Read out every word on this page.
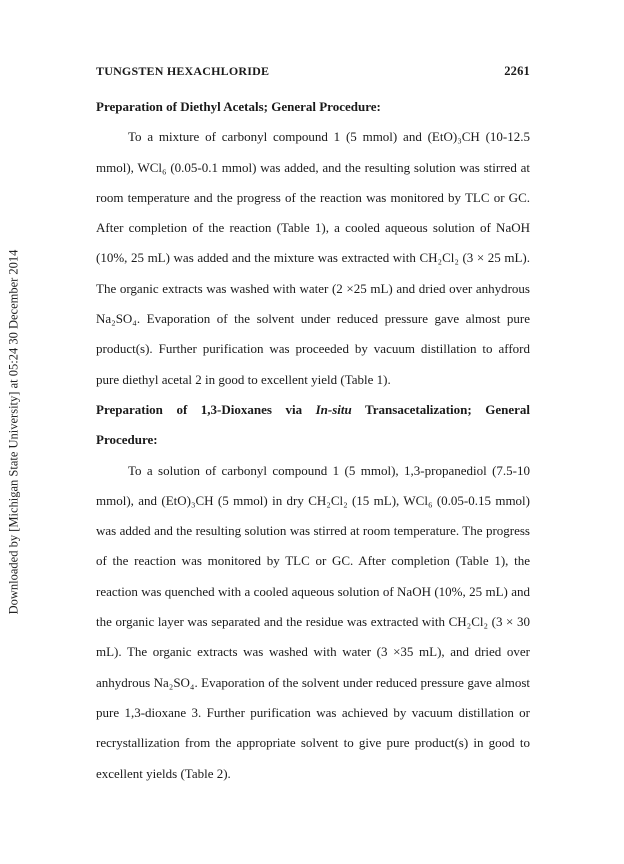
Downloaded by [Michigan State University] at 05:24 30 December 2014
TUNGSTEN HEXACHLORIDE	2261

Preparation of Diethyl Acetals; General Procedure:

To a mixture of carbonyl compound 1 (5 mmol) and (EtO)₃CH (10-12.5 mmol), WCl₆ (0.05-0.1 mmol) was added, and the resulting solution was stirred at room temperature and the progress of the reaction was monitored by TLC or GC. After completion of the reaction (Table 1), a cooled aqueous solution of NaOH (10%, 25 mL) was added and the mixture was extracted with CH₂Cl₂ (3 × 25 mL). The organic extracts was washed with water (2 ×25 mL) and dried over anhydrous Na₂SO₄. Evaporation of the solvent under reduced pressure gave almost pure product(s). Further purification was proceeded by vacuum distillation to afford pure diethyl acetal 2 in good to excellent yield (Table 1).

Preparation of 1,3-Dioxanes via In-situ Transacetalization; General Procedure:

To a solution of carbonyl compound 1 (5 mmol), 1,3-propanediol (7.5-10 mmol), and (EtO)₃CH (5 mmol) in dry CH₂Cl₂ (15 mL), WCl₆ (0.05-0.15 mmol) was added and the resulting solution was stirred at room temperature. The progress of the reaction was monitored by TLC or GC. After completion (Table 1), the reaction was quenched with a cooled aqueous solution of NaOH (10%, 25 mL) and the organic layer was separated and the residue was extracted with CH₂Cl₂ (3 × 30 mL). The organic extracts was washed with water (3 ×35 mL), and dried over anhydrous Na₂SO₄. Evaporation of the solvent under reduced pressure gave almost pure 1,3-dioxane 3. Further purification was achieved by vacuum distillation or recrystallization from the appropriate solvent to give pure product(s) in good to excellent yields (Table 2).
